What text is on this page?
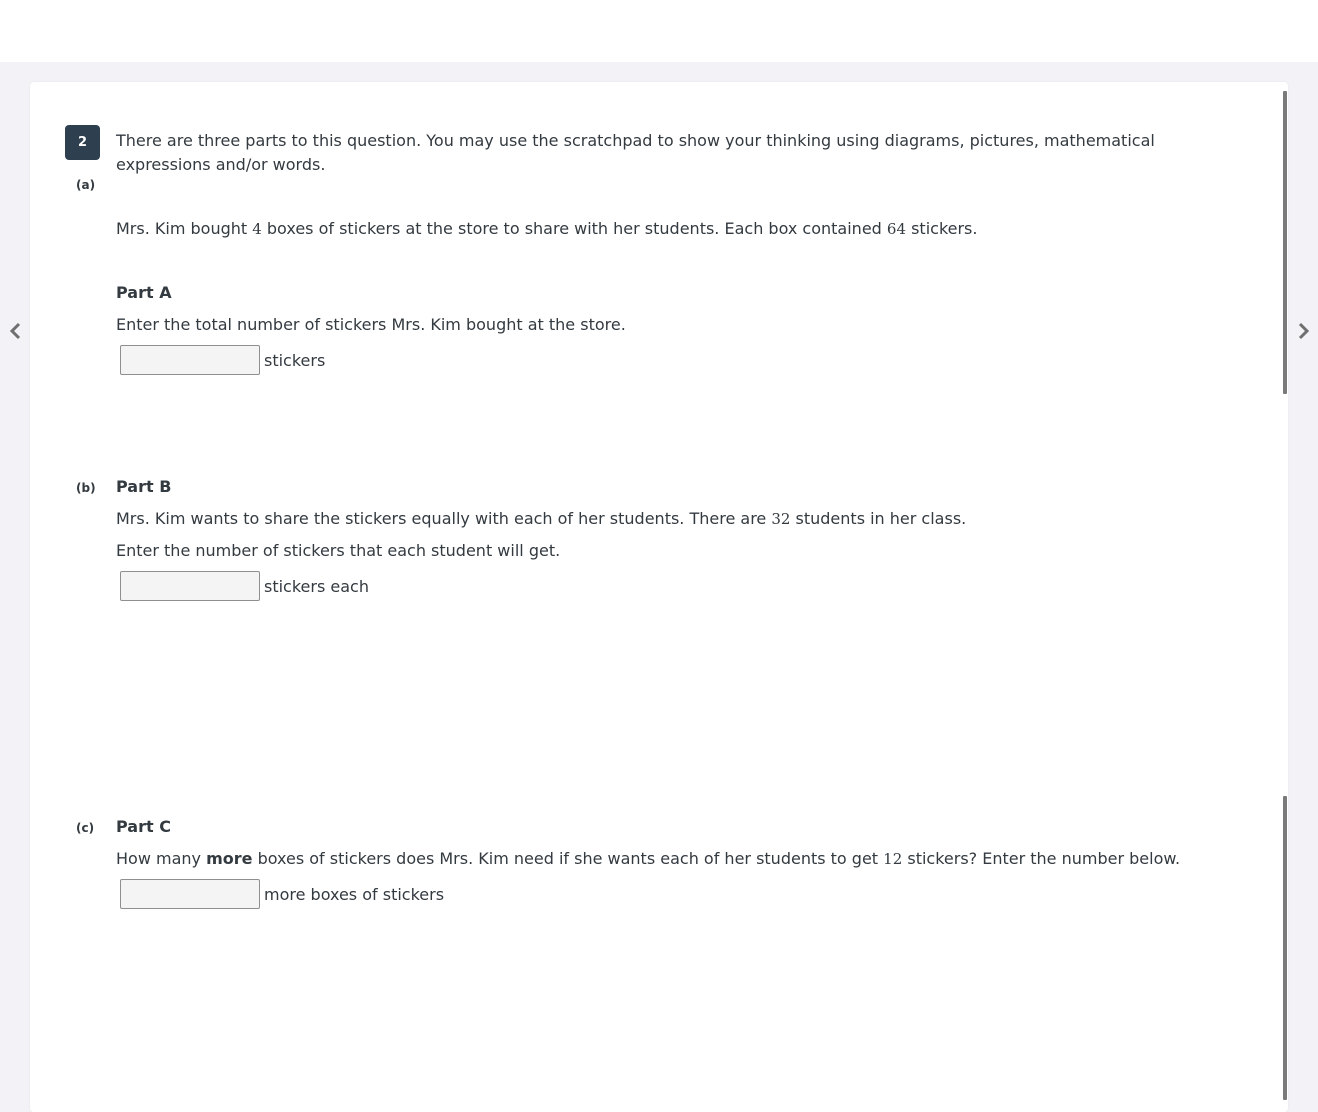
2	There are three parts to this question. You may use the scratchpad to show your thinking using diagrams, pictures, mathematical expressions and/or words.
(a)
Mrs. Kim bought 4 boxes of stickers at the store to share with her students. Each box contained 64 stickers.
Part A
Enter the total number of stickers Mrs. Kim bought at the store.
stickers
(b) Part B
Mrs. Kim wants to share the stickers equally with each of her students. There are 32 students in her class.
Enter the number of stickers that each student will get.
stickers each
(c) Part C
How many more boxes of stickers does Mrs. Kim need if she wants each of her students to get 12 stickers? Enter the number below.
more boxes of stickers
